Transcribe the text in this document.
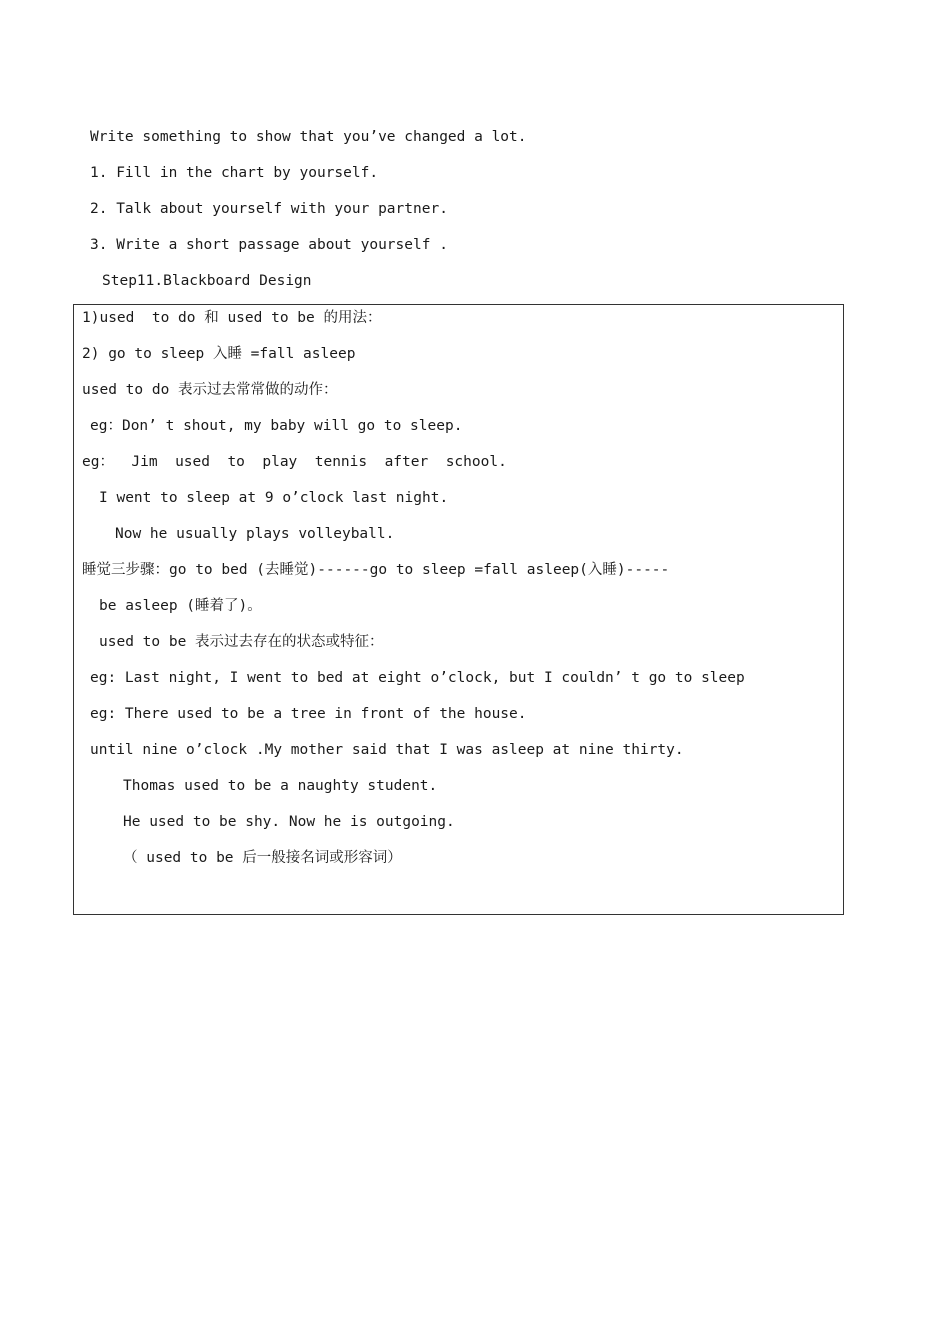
Write something to show that you’ve changed a lot.
1. Fill in the chart by yourself.
2. Talk about yourself with your partner.
3. Write a short passage about yourself .
Step11.Blackboard Design
1)used  to do 和 used to be 的用法：
2) go to sleep 入睡 =fall asleep
used to do 表示过去常常做的动作：
eg：Don’ t shout, my baby will go to sleep.
eg：  Jim  used  to  play  tennis  after  school.
I went to sleep at 9 o’clock last night.
Now he usually plays volleyball.
睡觉三步骤：go to bed (去睡觉)------go to sleep =fall asleep(入睡)-----
be asleep (睡着了)。
used to be 表示过去存在的状态或特征：
eg: Last night, I went to bed at eight o’clock, but I couldn’ t go to sleep
eg: There used to be a tree in front of the house.
until nine o’clock .My mother said that I was asleep at nine thirty.
Thomas used to be a naughty student.
He used to be shy. Now he is outgoing.
（ used to be 后一般接名词或形容词）
